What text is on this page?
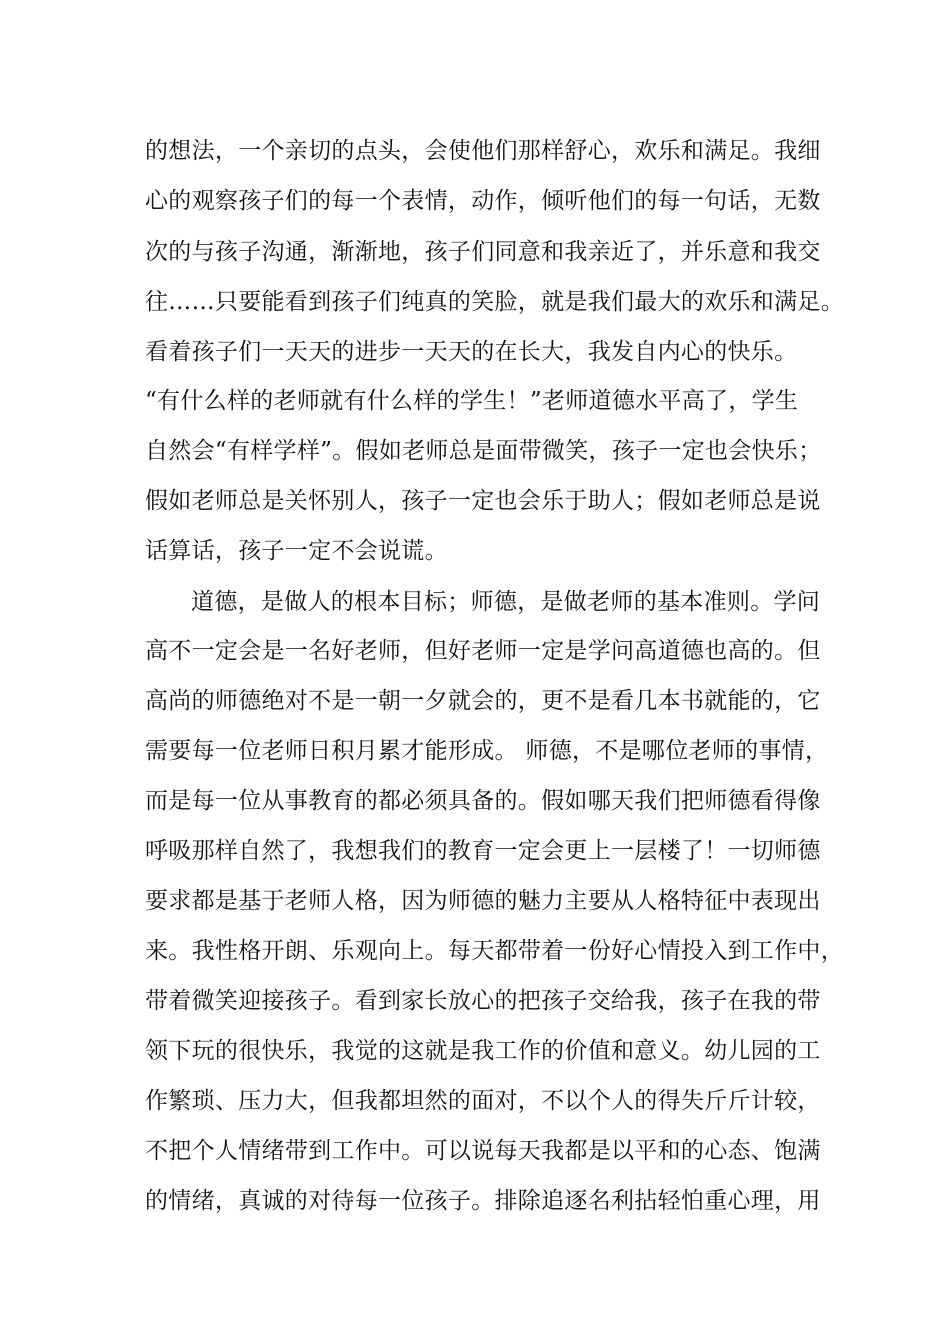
的想法，一个亲切的点头，会使他们那样舒心，欢乐和满足。我细
心的观察孩子们的每一个表情，动作，倾听他们的每一句话，无数
次的与孩子沟通，渐渐地，孩子们同意和我亲近了，并乐意和我交
往……只要能看到孩子们纯真的笑脸，就是我们最大的欢乐和满足。
看着孩子们一天天的进步一天天的在长大，我发自内心的快乐。
“有什么样的老师就有什么样的学生！”老师道德水平高了，学生
自然会“有样学样”。假如老师总是面带微笑，孩子一定也会快乐；
假如老师总是关怀别人，孩子一定也会乐于助人；假如老师总是说
话算话，孩子一定不会说谎。
道德，是做人的根本目标；师德，是做老师的基本准则。学问
高不一定会是一名好老师，但好老师一定是学问高道德也高的。但
高尚的师德绝对不是一朝一夕就会的，更不是看几本书就能的，它
需要每一位老师日积月累才能形成。 师德，不是哪位老师的事情，
而是每一位从事教育的都必须具备的。假如哪天我们把师德看得像
呼吸那样自然了，我想我们的教育一定会更上一层楼了！一切师德
要求都是基于老师人格，因为师德的魅力主要从人格特征中表现出
来。我性格开朗、乐观向上。每天都带着一份好心情投入到工作中，
带着微笑迎接孩子。看到家长放心的把孩子交给我，孩子在我的带
领下玩的很快乐，我觉的这就是我工作的价值和意义。幼儿园的工
作繁琐、压力大，但我都坦然的面对，不以个人的得失斤斤计较，
不把个人情绪带到工作中。可以说每天我都是以平和的心态、饱满
的情绪，真诚的对待每一位孩子。排除追逐名利拈轻怕重心理，用
